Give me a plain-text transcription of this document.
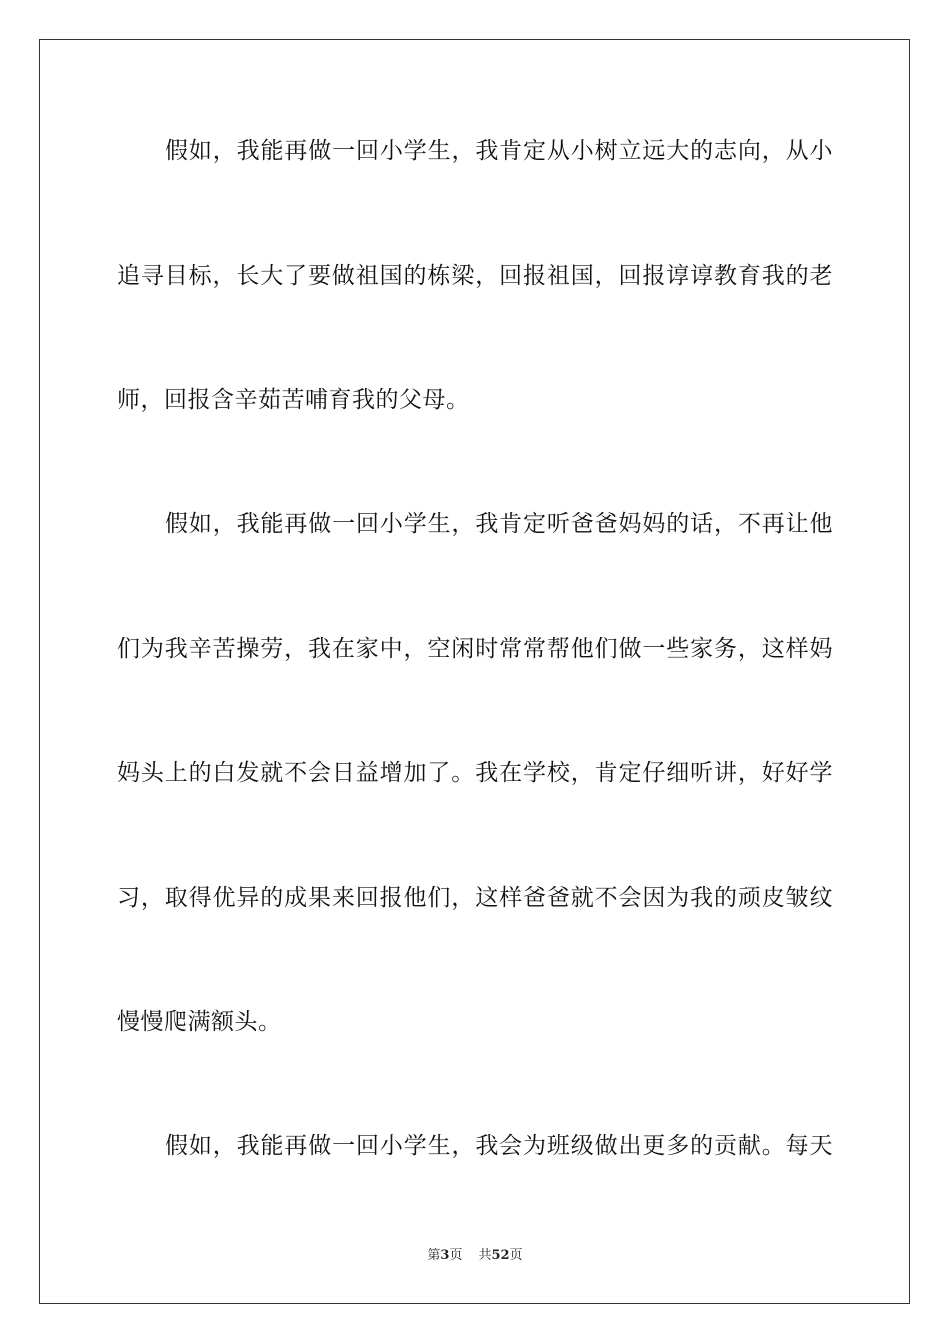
假如，我能再做一回小学生，我肯定从小树立远大的志向，从小
追寻目标，长大了要做祖国的栋梁，回报祖国，回报谆谆教育我的老
师，回报含辛茹苦哺育我的父母。
假如，我能再做一回小学生，我肯定听爸爸妈妈的话，不再让他
们为我辛苦操劳，我在家中，空闲时常常帮他们做一些家务，这样妈
妈头上的白发就不会日益增加了。我在学校，肯定仔细听讲，好好学
习，取得优异的成果来回报他们，这样爸爸就不会因为我的顽皮皱纹
慢慢爬满额头。
假如，我能再做一回小学生，我会为班级做出更多的贡献。每天
第3页 共52页
